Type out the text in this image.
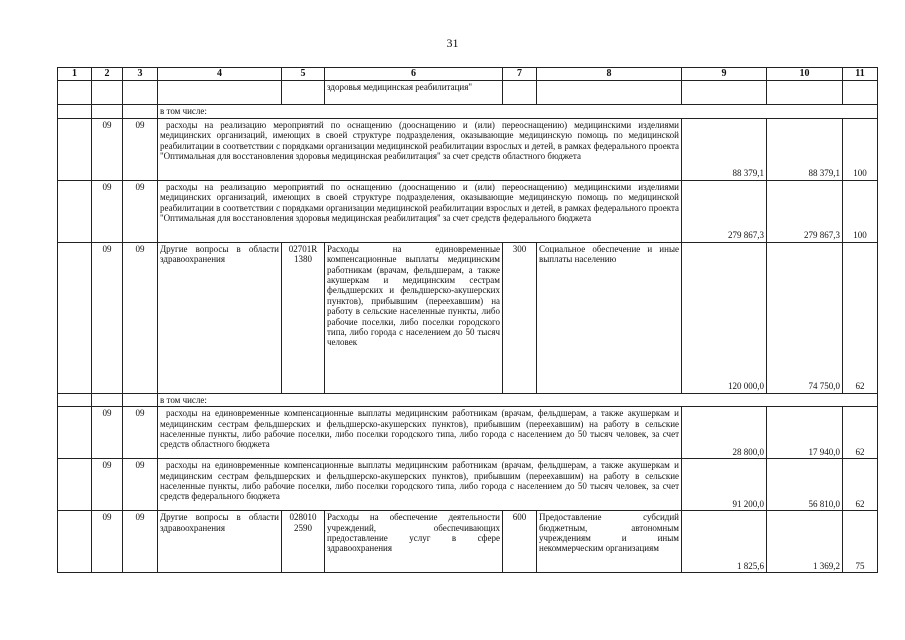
31
1	2	3	4	5	6	7	8	9	10	11
					здоровья медицинская реабилитация"					
			в том числе:							
	09	09	расходы на реализацию мероприятий по оснащению (дооснащению и (или) переоснащению) медицинскими изделиями медицинских организаций, имеющих в своей структуре подразделения, оказывающие медицинскую помощь по медицинской реабилитации в соответствии с порядками организации медицинской реабилитации взрослых и детей, в рамках федерального проекта "Оптимальная для восстановления здоровья медицинская реабилитация" за счет средств областного бюджета					88 379,1	88 379,1	100
	09	09	расходы на реализацию мероприятий по оснащению (дооснащению и (или) переоснащению) медицинскими изделиями медицинских организаций, имеющих в своей структуре подразделения, оказывающие медицинскую помощь по медицинской реабилитации в соответствии с порядками организации медицинской реабилитации взрослых и детей, в рамках федерального проекта "Оптимальная для восстановления здоровья медицинская реабилитация" за счет средств федерального бюджета					279 867,3	279 867,3	100
	09	09	Другие вопросы в области здравоохранения	02701R 1380	Расходы на единовременные компенсационные выплаты медицинским работникам (врачам, фельдшерам, а также акушеркам и медицинским сестрам фельдшерских и фельдшерско-акушерских пунктов), прибывшим (переехавшим) на работу в сельские населенные пункты, либо рабочие поселки, либо поселки городского типа, либо города с населением до 50 тысяч человек	300	Социальное обеспечение и иные выплаты населению	120 000,0	74 750,0	62
			в том числе:							
	09	09	расходы на единовременные компенсационные выплаты медицинским работникам (врачам, фельдшерам, а также акушеркам и медицинским сестрам фельдшерских и фельдшерско-акушерских пунктов), прибывшим (переехавшим) на работу в сельские населенные пункты, либо рабочие поселки, либо поселки городского типа, либо города с населением до 50 тысяч человек, за счет средств областного бюджета					28 800,0	17 940,0	62
	09	09	расходы на единовременные компенсационные выплаты медицинским работникам (врачам, фельдшерам, а также акушеркам и медицинским сестрам фельдшерских и фельдшерско-акушерских пунктов), прибывшим (переехавшим) на работу в сельские населенные пункты, либо рабочие поселки, либо поселки городского типа, либо города с населением до 50 тысяч человек, за счет средств федерального бюджета					91 200,0	56 810,0	62
	09	09	Другие вопросы в области здравоохранения	028010 2590	Расходы на обеспечение деятельности учреждений, обеспечивающих предоставление услуг в сфере здравоохранения	600	Предоставление субсидий бюджетным, автономным учреждениям и иным некоммерческим организациям	1 825,6	1 369,2	75
